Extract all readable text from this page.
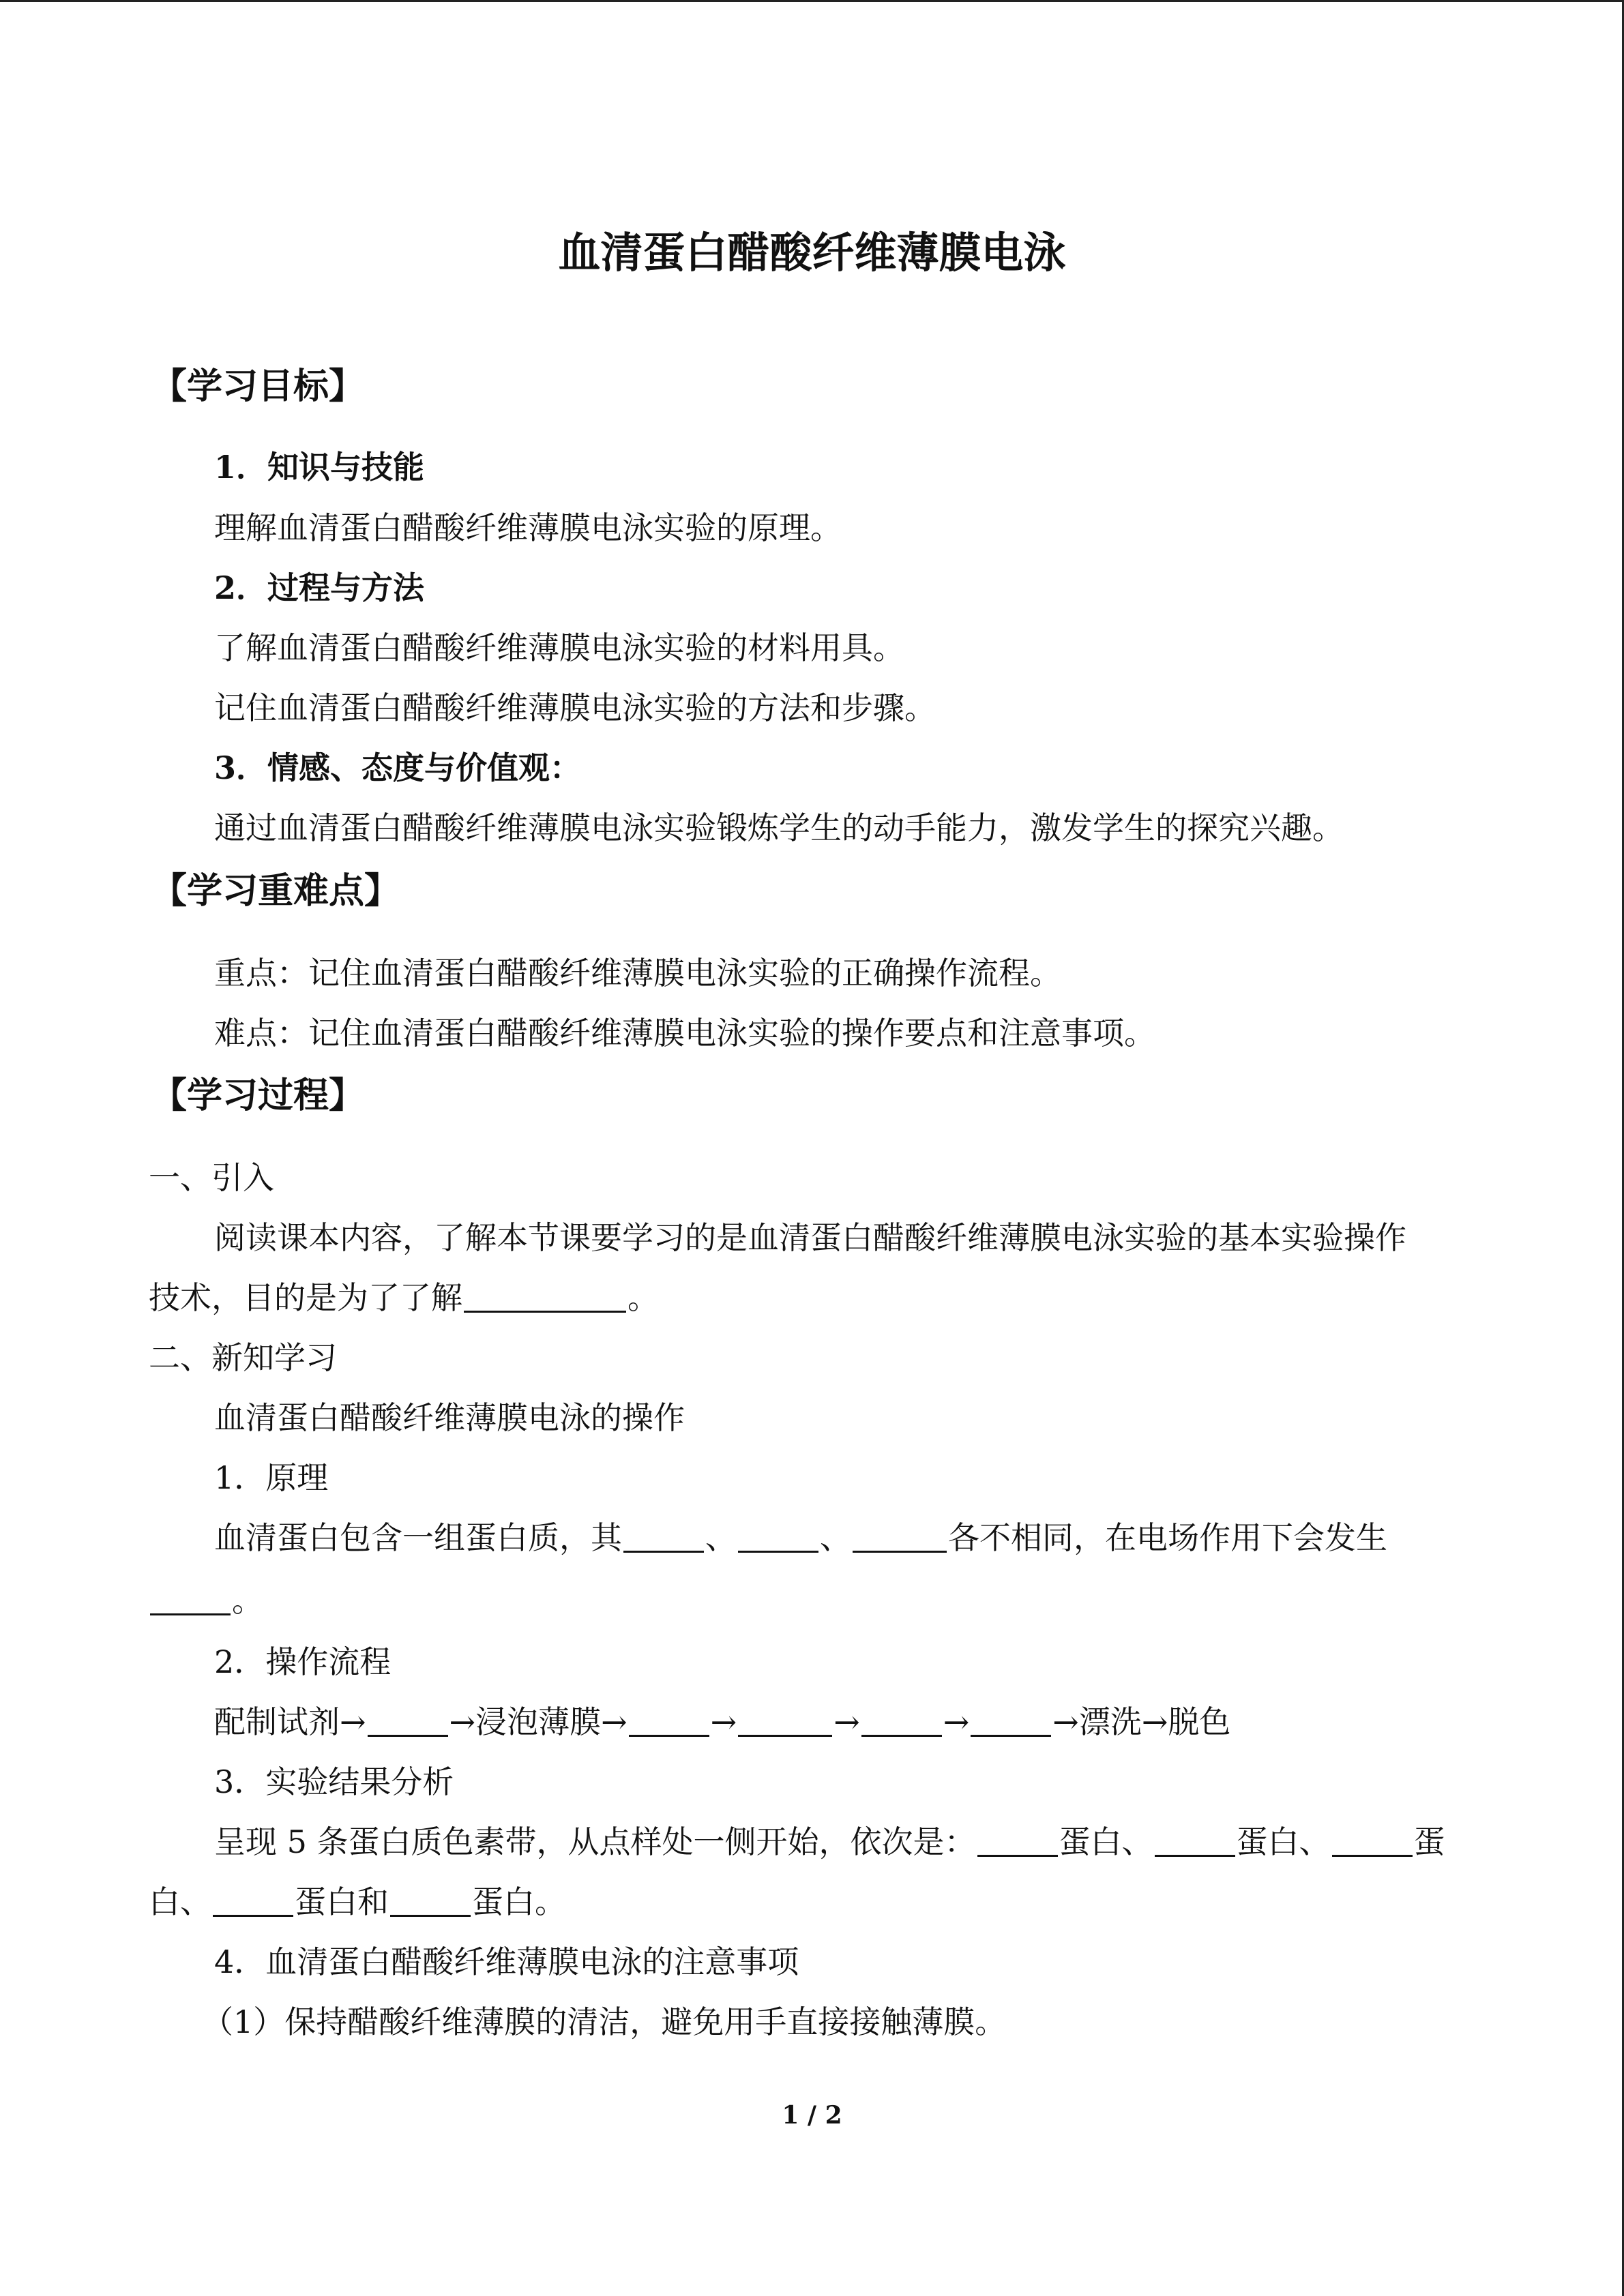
血清蛋白醋酸纤维薄膜电泳
【学习目标】
1．知识与技能
理解血清蛋白醋酸纤维薄膜电泳实验的原理。
2．过程与方法
了解血清蛋白醋酸纤维薄膜电泳实验的材料用具。
记住血清蛋白醋酸纤维薄膜电泳实验的方法和步骤。
3．情感、态度与价值观：
通过血清蛋白醋酸纤维薄膜电泳实验锻炼学生的动手能力，激发学生的探究兴趣。
【学习重难点】
重点：记住血清蛋白醋酸纤维薄膜电泳实验的正确操作流程。
难点：记住血清蛋白醋酸纤维薄膜电泳实验的操作要点和注意事项。
【学习过程】
一、引入
阅读课本内容，了解本节课要学习的是血清蛋白醋酸纤维薄膜电泳实验的基本实验操作
技术，目的是为了了解	。
二、新知学习
血清蛋白醋酸纤维薄膜电泳的操作
1．原理
血清蛋白包含一组蛋白质，其	、	、	各不相同，在电场作用下会发生
。
2．操作流程
配制试剂→	→浸泡薄膜→	→	→	→	→漂洗→脱色
3．实验结果分析
呈现 5 条蛋白质色素带，从点样处一侧开始，依次是：	蛋白、	蛋白、	蛋
白、	蛋白和	蛋白。
4．血清蛋白醋酸纤维薄膜电泳的注意事项
（1）保持醋酸纤维薄膜的清洁，避免用手直接接触薄膜。
1 / 2
